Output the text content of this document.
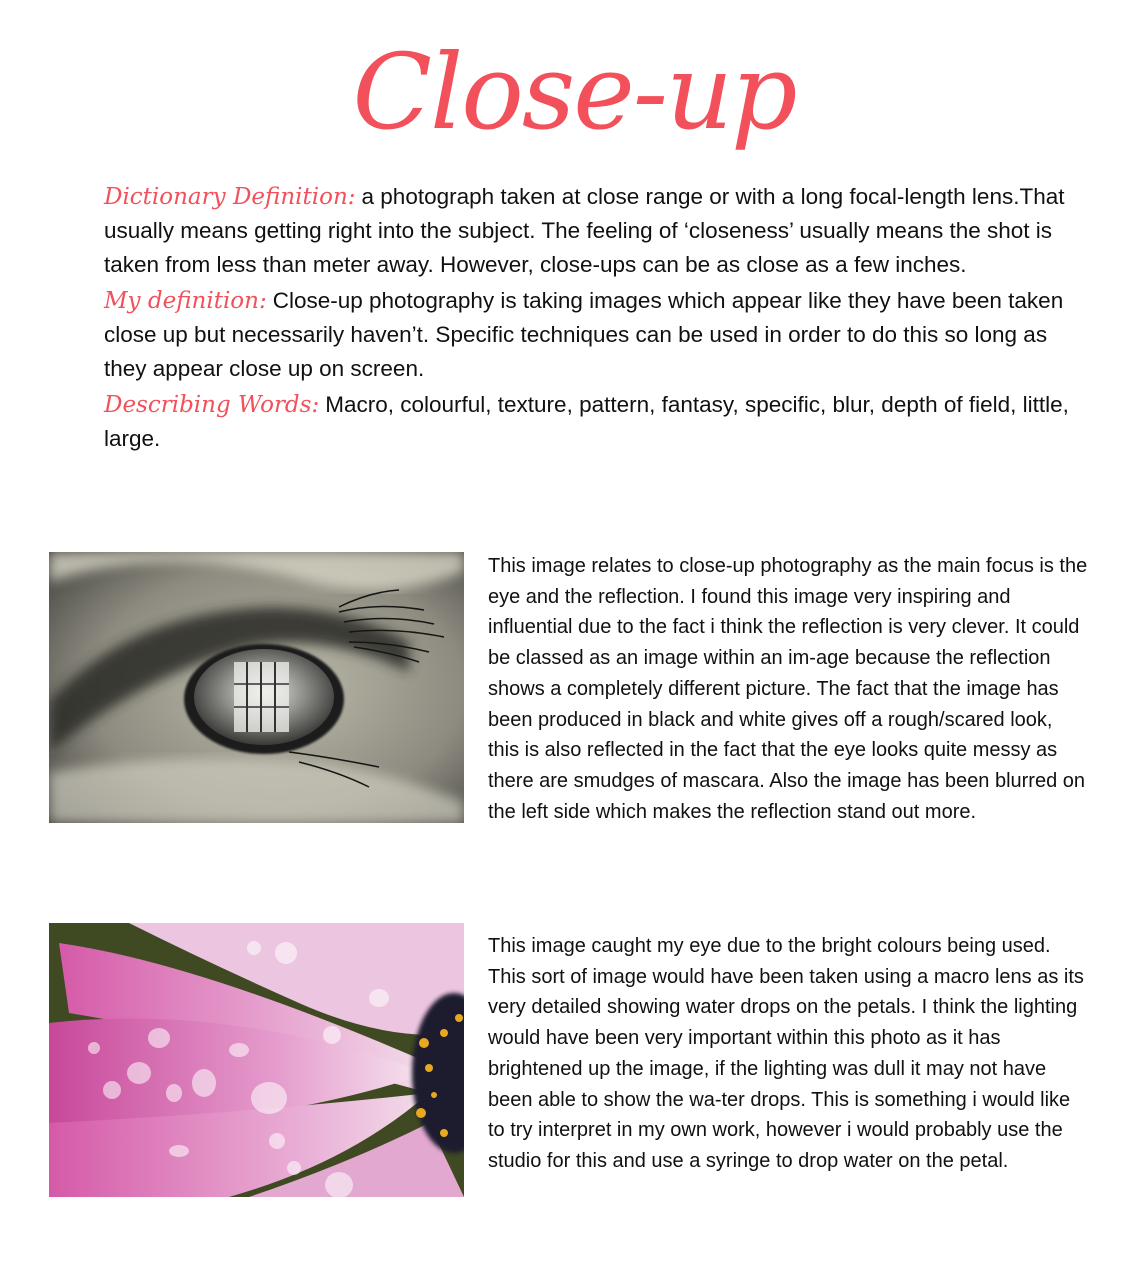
Close-up

Dictionary Definition: a photograph taken at close range or with a long focal-length lens.That usually means getting right into the subject. The feeling of ‘closeness’ usually means the shot is taken from less than meter away. However, close-ups can be as close as a few inches.

My definition: Close-up photography is taking images which appear like they have been taken close up but necessarily haven’t. Specific techniques can be used in order to do this so long as they appear close up on screen.

Describing Words: Macro, colourful, texture, pattern, fantasy, specific, blur, depth of field, little, large.

This image relates to close-up photography as the main focus is the eye and the reflection. I found this image very inspiring and influential due to the fact i think the reflection is very clever. It could be classed as an image within an im-age because the reflection shows a completely different picture. The fact that the image has been produced in black and white gives off a rough/scared look, this is also reflected in the fact that the eye looks quite messy as there are smudges of mascara. Also the image has been blurred on the left side which makes the reflection stand out more.
This image caught my eye due to the bright colours being used. This sort of image would have been taken using a macro lens as its very detailed showing water drops on the petals. I think the lighting would have been very important within this photo as it has brightened up the image, if the lighting was dull it may not have been able to show the wa-ter drops. This is something i would like to try interpret in my own work, however i would probably use the studio for this and use a syringe to drop water on the petal.
